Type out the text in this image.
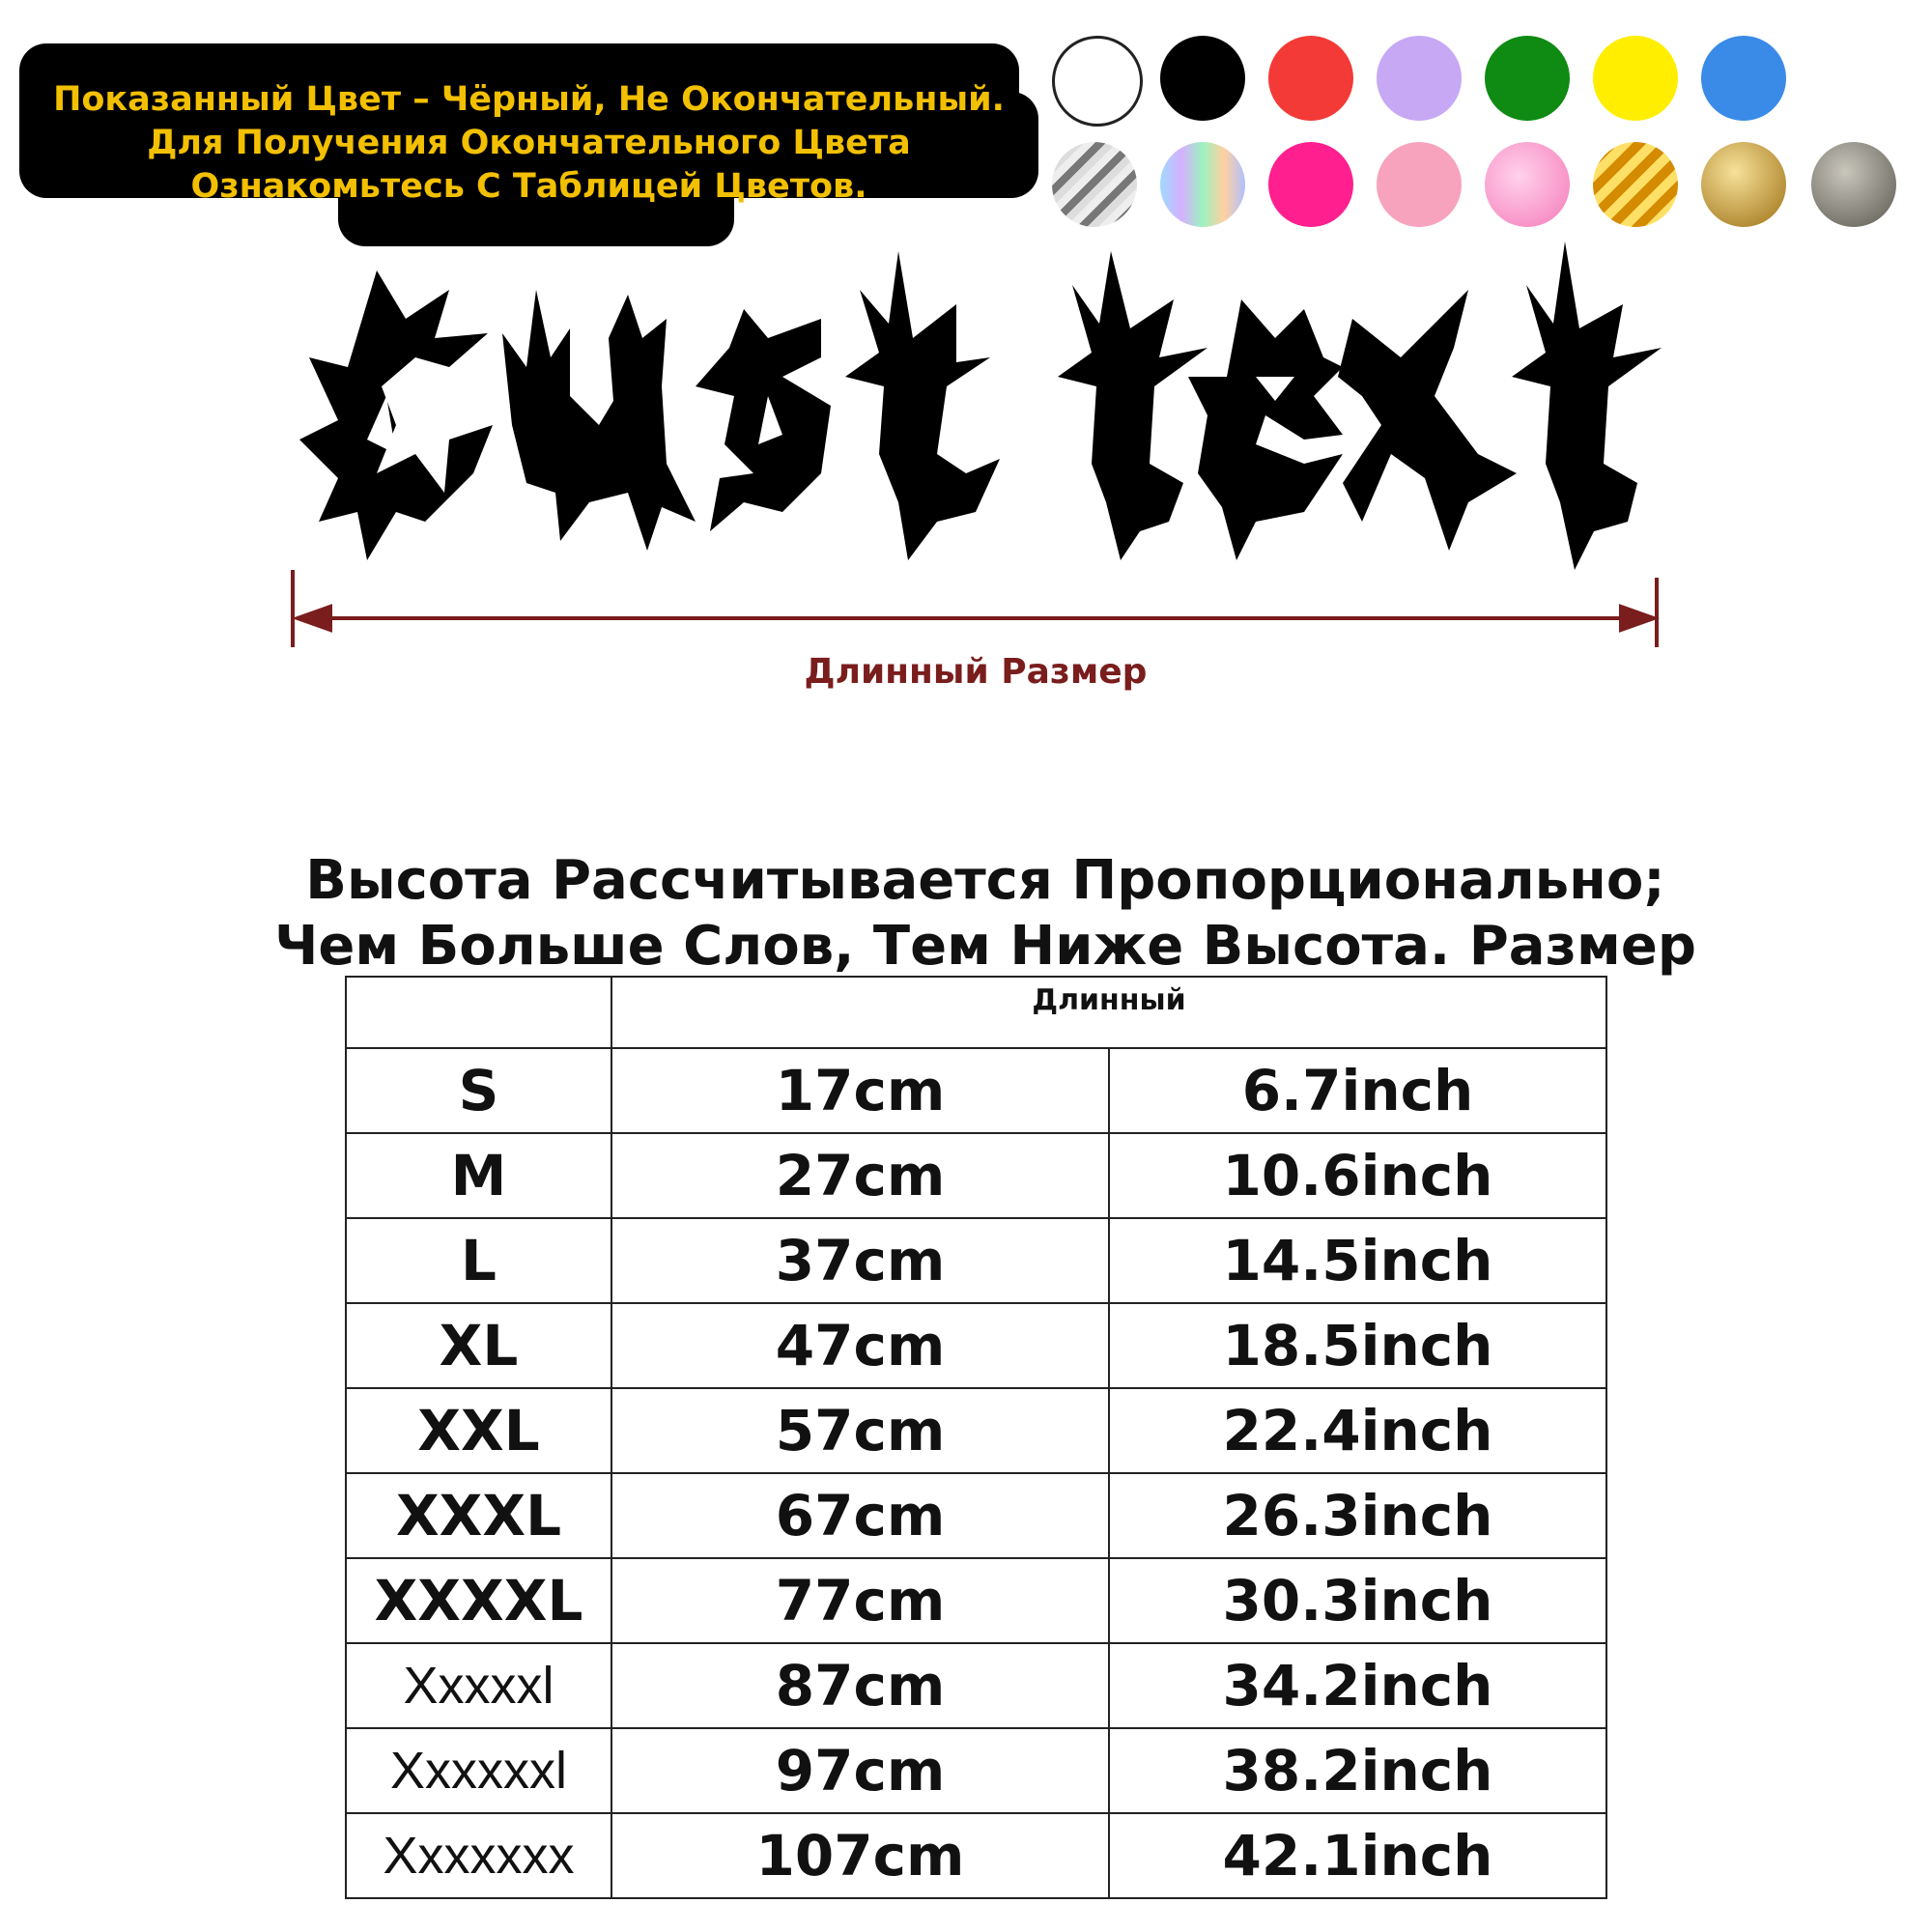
Показанный Цвет – Чёрный, Не Окончательный.
Для Получения Окончательного Цвета
Ознакомьтесь С Таблицей Цветов.
Длинный Размер
Высота Рассчитывается Пропорционально;
Чем Больше Слов, Тем Ниже Высота. Размер
	Длинный	
S	17cm	6.7inch
M	27cm	10.6inch
L	37cm	14.5inch
XL	47cm	18.5inch
XXL	57cm	22.4inch
XXXL	67cm	26.3inch
XXXXL	77cm	30.3inch
Xxxxxl	87cm	34.2inch
Xxxxxxl	97cm	38.2inch
Xxxxxxx	107cm	42.1inch
